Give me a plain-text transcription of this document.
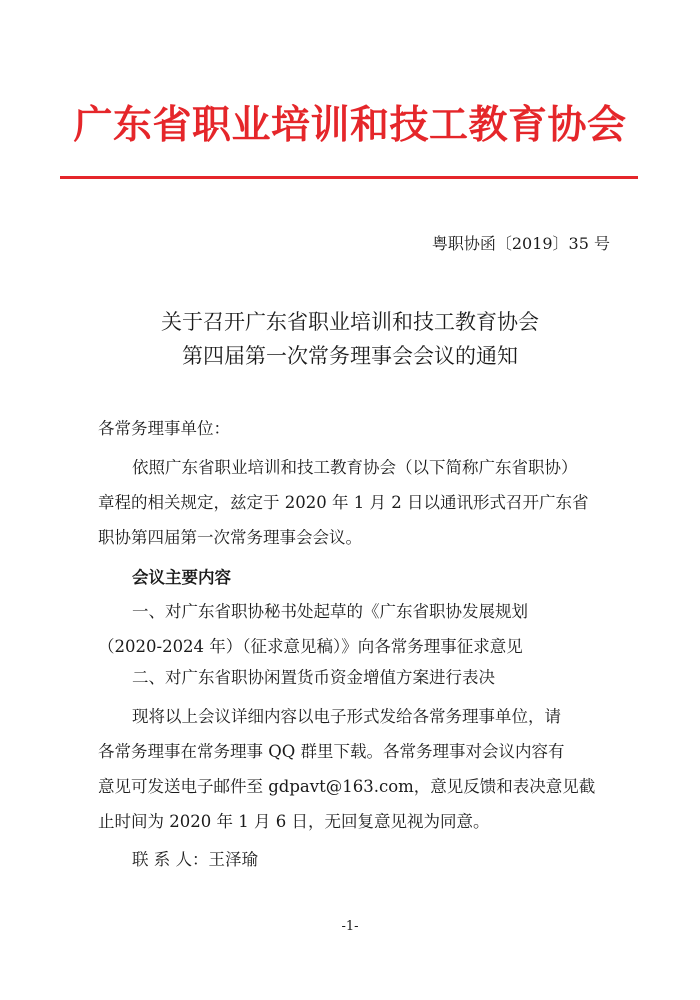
广东省职业培训和技工教育协会
粤职协函〔2019〕35 号
关于召开广东省职业培训和技工教育协会
第四届第一次常务理事会会议的通知
各常务理事单位：
依照广东省职业培训和技工教育协会（以下简称广东省职协）
章程的相关规定，兹定于 2020 年 1 月 2 日以通讯形式召开广东省
职协第四届第一次常务理事会会议。
会议主要内容
一、对广东省职协秘书处起草的《广东省职协发展规划
（2020-2024 年）（征求意见稿）》向各常务理事征求意见
二、对广东省职协闲置货币资金增值方案进行表决
现将以上会议详细内容以电子形式发给各常务理事单位，请
各常务理事在常务理事 QQ 群里下载。各常务理事对会议内容有
意见可发送电子邮件至 gdpavt@163.com，意见反馈和表决意见截
止时间为 2020 年 1 月 6 日，无回复意见视为同意。
联 系 人：王泽瑜
-1-
